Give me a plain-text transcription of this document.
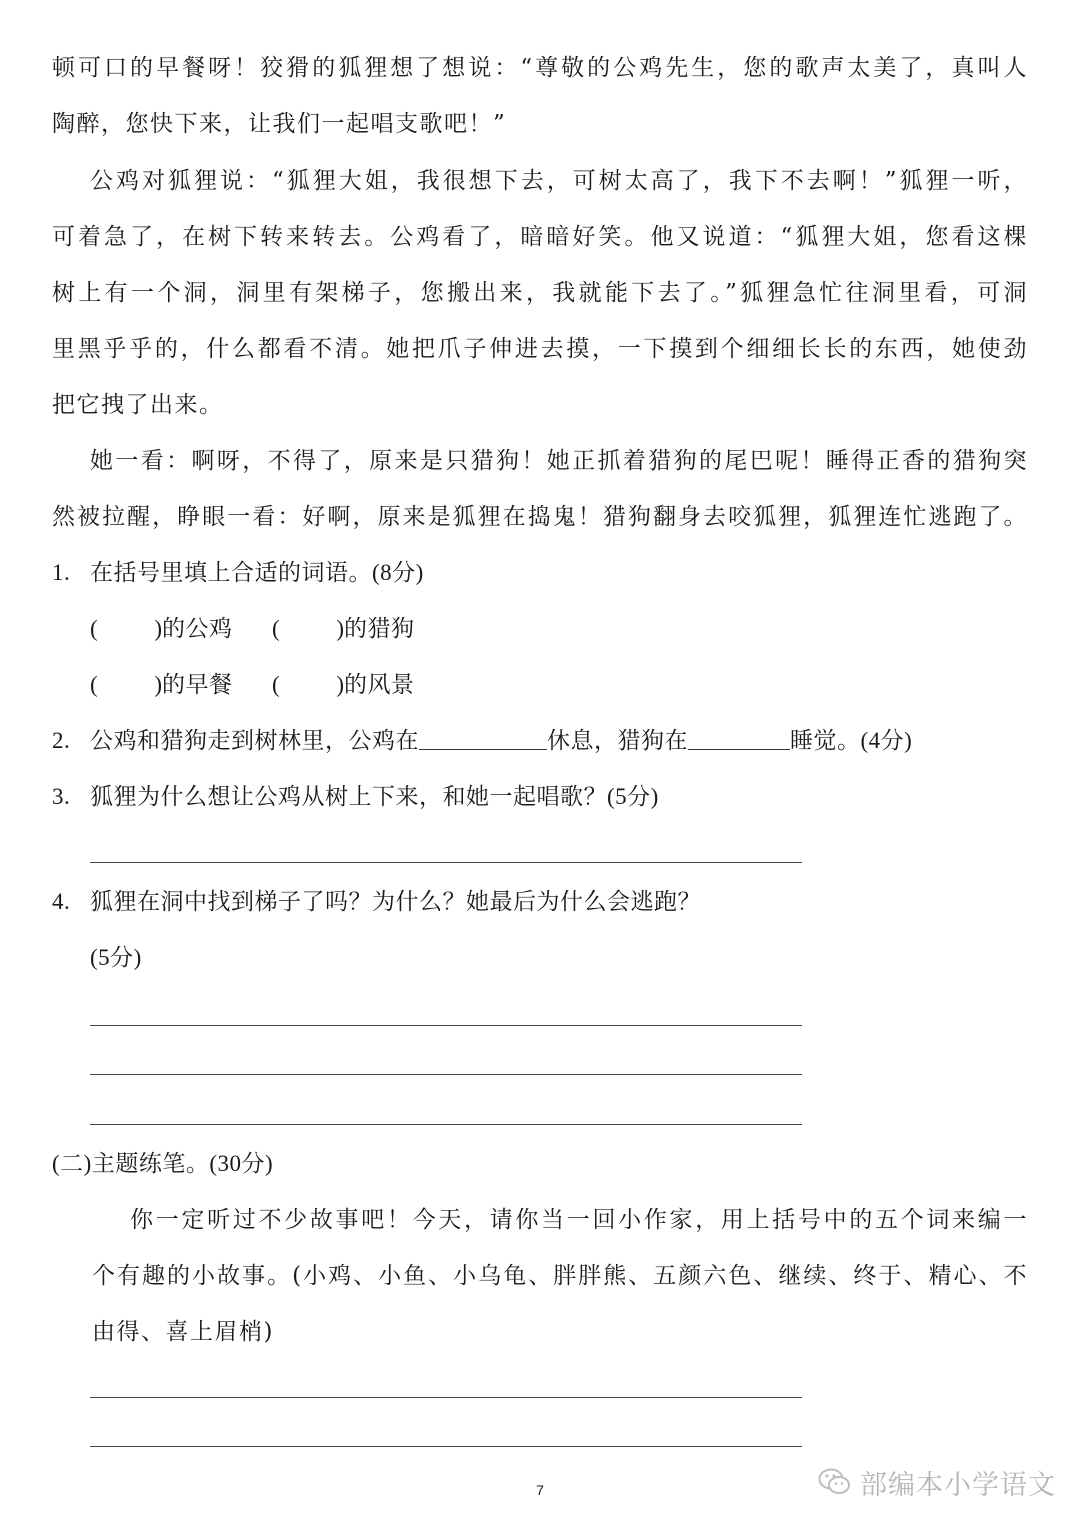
顿可口的早餐呀！狡猾的狐狸想了想说：“尊敬的公鸡先生，您的歌声太美了，真叫人
陶醉，您快下来，让我们一起唱支歌吧！”
公鸡对狐狸说：“狐狸大姐，我很想下去，可树太高了，我下不去啊！”狐狸一听，
可着急了，在树下转来转去。公鸡看了，暗暗好笑。他又说道：“狐狸大姐，您看这棵
树上有一个洞，洞里有架梯子，您搬出来，我就能下去了。”狐狸急忙往洞里看，可洞
里黑乎乎的，什么都看不清。她把爪子伸进去摸，一下摸到个细细长长的东西，她使劲
把它拽了出来。
她一看：啊呀，不得了，原来是只猎狗！她正抓着猎狗的尾巴呢！睡得正香的猎狗突
然被拉醒，睁眼一看：好啊，原来是狐狸在捣鬼！猎狗翻身去咬狐狸，狐狸连忙逃跑了。
1. 在括号里填上合适的词语。(8分)
(         )的公鸡 (         )的猎狗
(         )的早餐 (         )的风景
2. 公鸡和猎狗走到树林里，公鸡在	休息，猎狗在	睡觉。(4分)
3. 狐狸为什么想让公鸡从树上下来，和她一起唱歌？(5分)
4. 狐狸在洞中找到梯子了吗？为什么？她最后为什么会逃跑？
(5分)
(二)主题练笔。(30分)
你一定听过不少故事吧！今天，请你当一回小作家，用上括号中的五个词来编一
个有趣的小故事。(小鸡、小鱼、小乌龟、胖胖熊、五颜六色、继续、终于、精心、不
由得、喜上眉梢)
7	部编本小学语文
